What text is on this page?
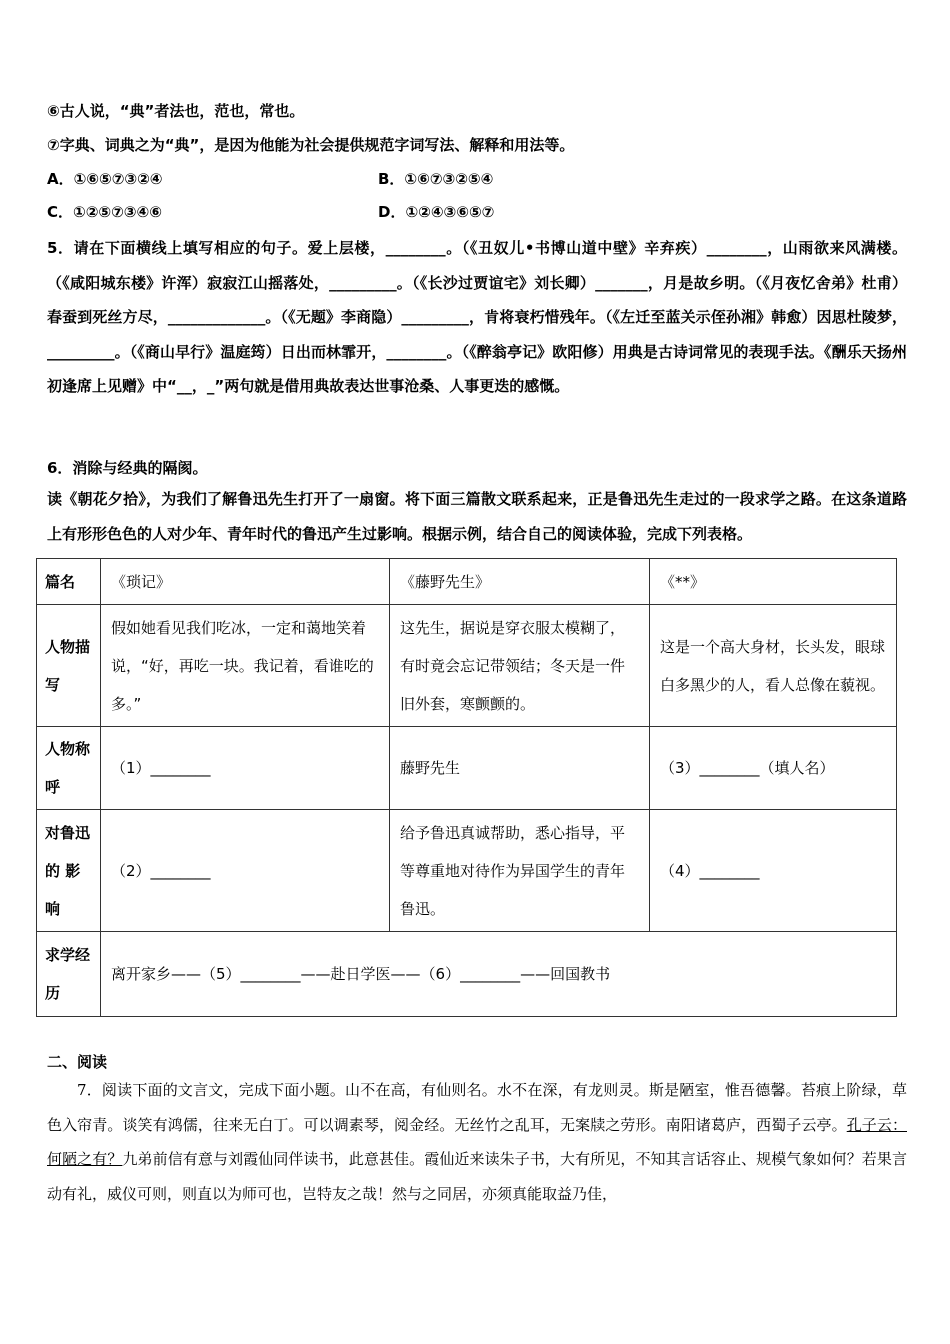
⑥古人说，“典”者法也，范也，常也。
⑦字典、词典之为“典”，是因为他能为社会提供规范字词写法、解释和用法等。
A．①⑥⑤⑦③②④	B．①⑥⑦③②⑤④
C．①②⑤⑦③④⑥	D．①②④③⑥⑤⑦
5．请在下面横线上填写相应的句子。爱上层楼，________。（《丑奴儿•书博山道中壁》辛弃疾）________，山雨欲来风满楼。（《咸阳城东楼》许浑）寂寂江山摇落处，_________。（《长沙过贾谊宅》刘长卿）_______，月是故乡明。（《月夜忆舍弟》杜甫）春蚕到死丝方尽，_____________。（《无题》李商隐）_________，肯将衰朽惜残年。（《左迁至蓝关示侄孙湘》韩愈）因思杜陵梦，_________。（《商山早行》温庭筠）日出而林霏开，________。（《醉翁亭记》欧阳修）用典是古诗词常见的表现手法。《酬乐天扬州初逢席上见赠》中“__，_”两句就是借用典故表达世事沧桑、人事更迭的感慨。
6．消除与经典的隔阂。
读《朝花夕拾》，为我们了解鲁迅先生打开了一扇窗。将下面三篇散文联系起来，正是鲁迅先生走过的一段求学之路。在这条道路上有形形色色的人对少年、青年时代的鲁迅产生过影响。根据示例，结合自己的阅读体验，完成下列表格。
篇名	《琐记》	《藤野先生》	《**》
人物描写	假如她看见我们吃冰，一定和蔼地笑着说，“好，再吃一块。我记着，看谁吃的多。”	这先生，据说是穿衣服太模糊了，有时竟会忘记带领结；冬天是一件旧外套，寒颤颤的。	这是一个高大身材，长头发，眼球白多黑少的人，看人总像在藐视。
人物称呼	（1）________	藤野先生	（3）________（填人名）
对鲁迅的 影响	（2）________	给予鲁迅真诚帮助，悉心指导，平等尊重地对待作为异国学生的青年鲁迅。	（4）________
求学经历	离开家乡——（5）________——赴日学医——（6）________——回国教书		
二、阅读
7．阅读下面的文言文，完成下面小题。山不在高，有仙则名。水不在深，有龙则灵。斯是陋室，惟吾德馨。苔痕上阶绿，草色入帘青。谈笑有鸿儒，往来无白丁。可以调素琴，阅金经。无丝竹之乱耳，无案牍之劳形。南阳诸葛庐，西蜀子云亭。孔子云：何陋之有？九弟前信有意与刘霞仙同伴读书，此意甚佳。霞仙近来读朱子书，大有所见，不知其言话容止、规模气象如何？若果言动有礼，威仪可则，则直以为师可也，岂特友之哉！然与之同居，亦须真能取益乃佳，
